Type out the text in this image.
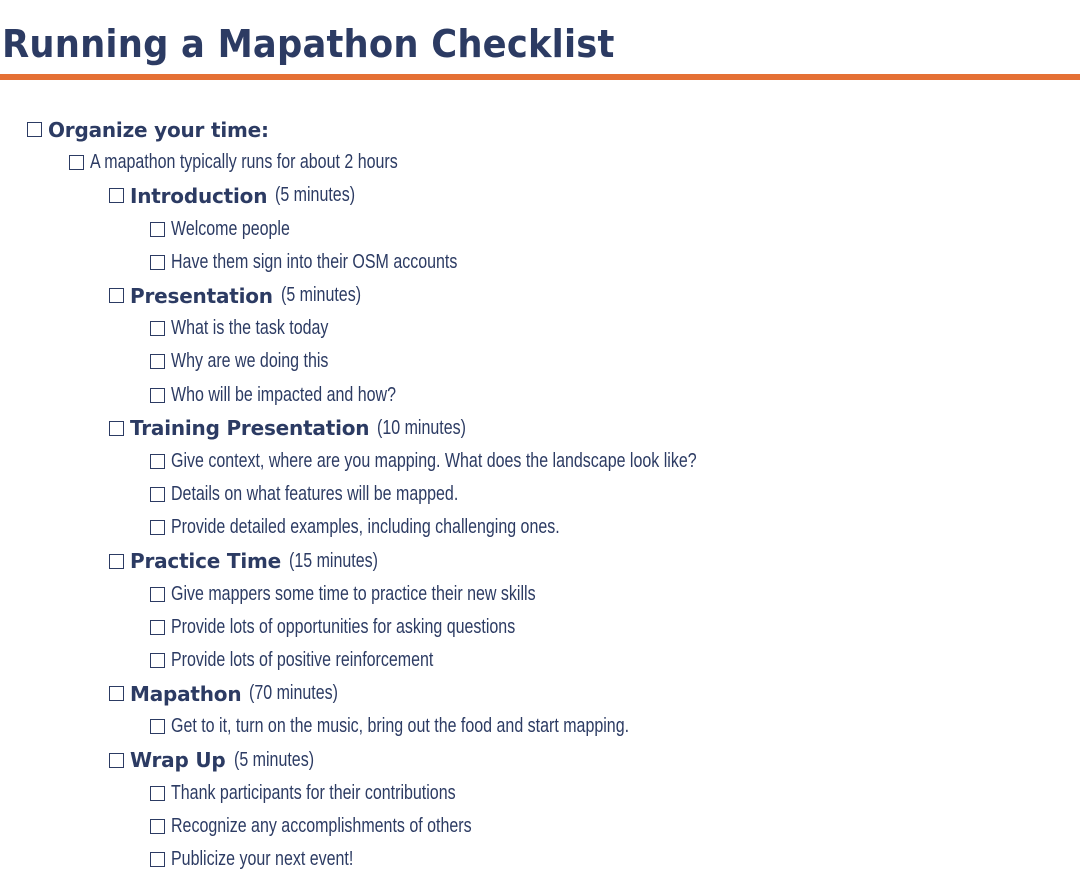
Running a Mapathon Checklist
Organize your time:
A mapathon typically runs for about 2 hours
Introduction (5 minutes)
Welcome people
Have them sign into their OSM accounts
Presentation (5 minutes)
What is the task today
Why are we doing this
Who will be impacted and how?
Training Presentation (10 minutes)
Give context, where are you mapping. What does the landscape look like?
Details on what features will be mapped.
Provide detailed examples, including challenging ones.
Practice Time (15 minutes)
Give mappers some time to practice their new skills
Provide lots of opportunities for asking questions
Provide lots of positive reinforcement
Mapathon (70 minutes)
Get to it, turn on the music, bring out the food and start mapping.
Wrap Up (5 minutes)
Thank participants for their contributions
Recognize any accomplishments of others
Publicize your next event!
